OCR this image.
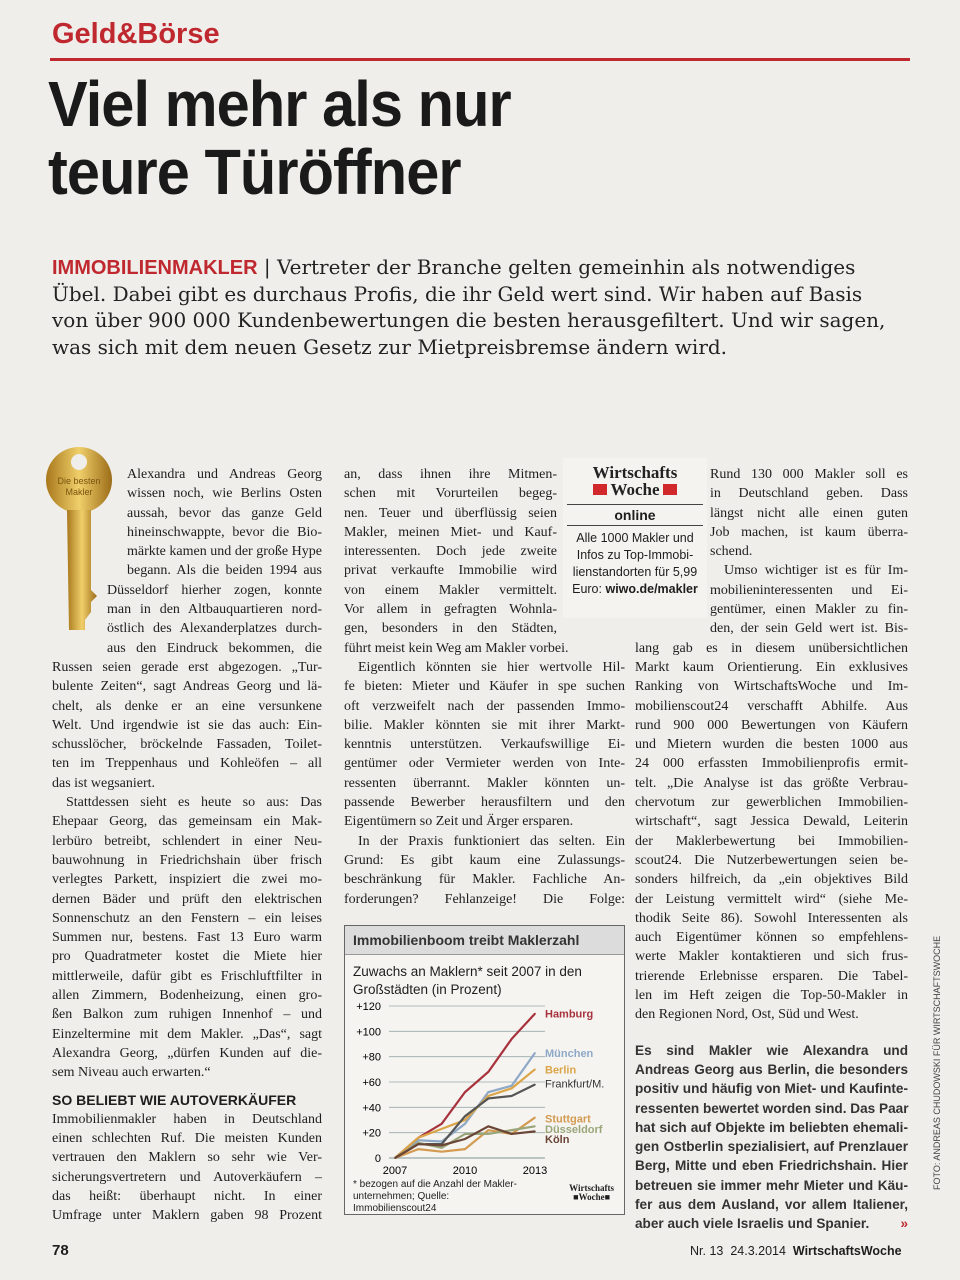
Geld&Börse
Viel mehr als nur
teure Türöffner

IMMOBILIENMAKLER | Vertreter der Branche gelten gemeinhin als notwendiges Übel. Dabei gibt es durchaus Profis, die ihr Geld wert sind. Wir haben auf Basis von über 900 000 Kundenbewertungen die besten herausgefiltert. Und wir sagen, was sich mit dem neuen Gesetz zur Mietpreisbremse ändern wird.

Die besten
Makler
Alexandra und Andreas Georg
wissen noch, wie Berlins Osten
aussah, bevor das ganze Geld
hineinschwappte, bevor die Bio-
märkte kamen und der große Hype
begann. Als die beiden 1994 aus
Düsseldorf hierher zogen, konnte
man in den Altbauquartieren nord-
östlich des Alexanderplatzes durch-
aus den Eindruck bekommen, die
Russen seien gerade erst abgezogen. „Tur-
bulente Zeiten“, sagt Andreas Georg und lä-
chelt, als denke er an eine versunkene
Welt. Und irgendwie ist sie das auch: Ein-
schusslöcher, bröckelnde Fassaden, Toilet-
ten im Treppenhaus und Kohleöfen – all
das ist wegsaniert.
Stattdessen sieht es heute so aus: Das
Ehepaar Georg, das gemeinsam ein Mak-
lerbüro betreibt, schlendert in einer Neu-
bauwohnung in Friedrichshain über frisch
verlegtes Parkett, inspiziert die zwei mo-
dernen Bäder und prüft den elektrischen
Sonnenschutz an den Fenstern – ein leises
Summen nur, bestens. Fast 13 Euro warm
pro Quadratmeter kostet die Miete hier
mittlerweile, dafür gibt es Frischluftfilter in
allen Zimmern, Bodenheizung, einen gro-
ßen Balkon zum ruhigen Innenhof – und
Einzeltermine mit dem Makler. „Das“, sagt
Alexandra Georg, „dürfen Kunden auf die-
sem Niveau auch erwarten.“
SO BELIEBT WIE AUTOVERKÄUFER
Immobilienmakler haben in Deutschland
einen schlechten Ruf. Die meisten Kunden
vertrauen den Maklern so sehr wie Ver-
sicherungsvertretern und Autoverkäufern –
das heißt: überhaupt nicht. In einer
Umfrage unter Maklern gaben 98 Prozent
an, dass ihnen ihre Mitmen-
schen mit Vorurteilen begeg-
nen. Teuer und überflüssig seien
Makler, meinen Miet- und Kauf-
interessenten. Doch jede zweite
privat verkaufte Immobilie wird
von einem Makler vermittelt.
Vor allem in gefragten Wohnla-
gen, besonders in den Städten,
führt meist kein Weg am Makler vorbei.
Eigentlich könnten sie hier wertvolle Hil-
fe bieten: Mieter und Käufer in spe suchen
oft verzweifelt nach der passenden Immo-
bilie. Makler könnten sie mit ihrer Markt-
kenntnis unterstützen. Verkaufswillige Ei-
gentümer oder Vermieter werden von Inte-
ressenten überrannt. Makler könnten un-
passende Bewerber herausfiltern und den
Eigentümern so Zeit und Ärger ersparen.
In der Praxis funktioniert das selten. Ein
Grund: Es gibt kaum eine Zulassungs-
beschränkung für Makler. Fachliche An-
forderungen? Fehlanzeige! Die Folge:
Rund 130 000 Makler soll es
in Deutschland geben. Dass
längst nicht alle einen guten
Job machen, ist kaum überra-
schend.
Umso wichtiger ist es für Im-
mobilieninteressenten und Ei-
gentümer, einen Makler zu fin-
den, der sein Geld wert ist. Bis-
lang gab es in diesem unübersichtlichen
Markt kaum Orientierung. Ein exklusives
Ranking von WirtschaftsWoche und Im-
mobilienscout24 verschafft Abhilfe. Aus
rund 900 000 Bewertungen von Käufern
und Mietern wurden die besten 1000 aus
24 000 erfassten Immobilienprofis ermit-
telt. „Die Analyse ist das größte Verbrau-
chervotum zur gewerblichen Immobilien-
wirtschaft“, sagt Jessica Dewald, Leiterin
der Maklerbewertung bei Immobilien-
scout24. Die Nutzerbewertungen seien be-
sonders hilfreich, da „ein objektives Bild
der Leistung vermittelt wird“ (siehe Me-
thodik Seite 86). Sowohl Interessenten als
auch Eigentümer können so empfehlens-
werte Makler kontaktieren und sich frus-
trierende Erlebnisse ersparen. Die Tabel-
len im Heft zeigen die Top-50-Makler in
den Regionen Nord, Ost, Süd und West.
Es sind Makler wie Alexandra und
Andreas Georg aus Berlin, die besonders
positiv und häufig von Miet- und Kaufinte-
ressenten bewertet worden sind. Das Paar
hat sich auf Objekte im beliebten ehemali-
gen Ostberlin spezialisiert, auf Prenzlauer
Berg, Mitte und eben Friedrichshain. Hier
betreuen sie immer mehr Mieter und Käu-
fer aus dem Ausland, vor allem Italiener,
aber auch viele Israelis und Spanier.	»
Wirtschafts
Woche
online
Alle 1000 Makler und Infos zu Top-Immobi-lienstandorten für 5,99 Euro: wiwo.de/makler
Immobilienboom treibt Maklerzahl
Zuwachs an Maklern* seit 2007 in den Großstädten (in Prozent)
0
+20
+40
+60
+80
+100
+120
2007	2010	2013
Hamburg
München
Berlin
Frankfurt/M.
Stuttgart
Düsseldorf
Köln
* bezogen auf die Anzahl der Makler-unternehmen; Quelle: Immobilienscout24
Wirtschafts
■Woche■
78	Nr. 13 24.3.2014 WirtschaftsWoche
FOTO: ANDREAS CHUDOWSKI FÜR WIRTSCHAFTSWOCHE
